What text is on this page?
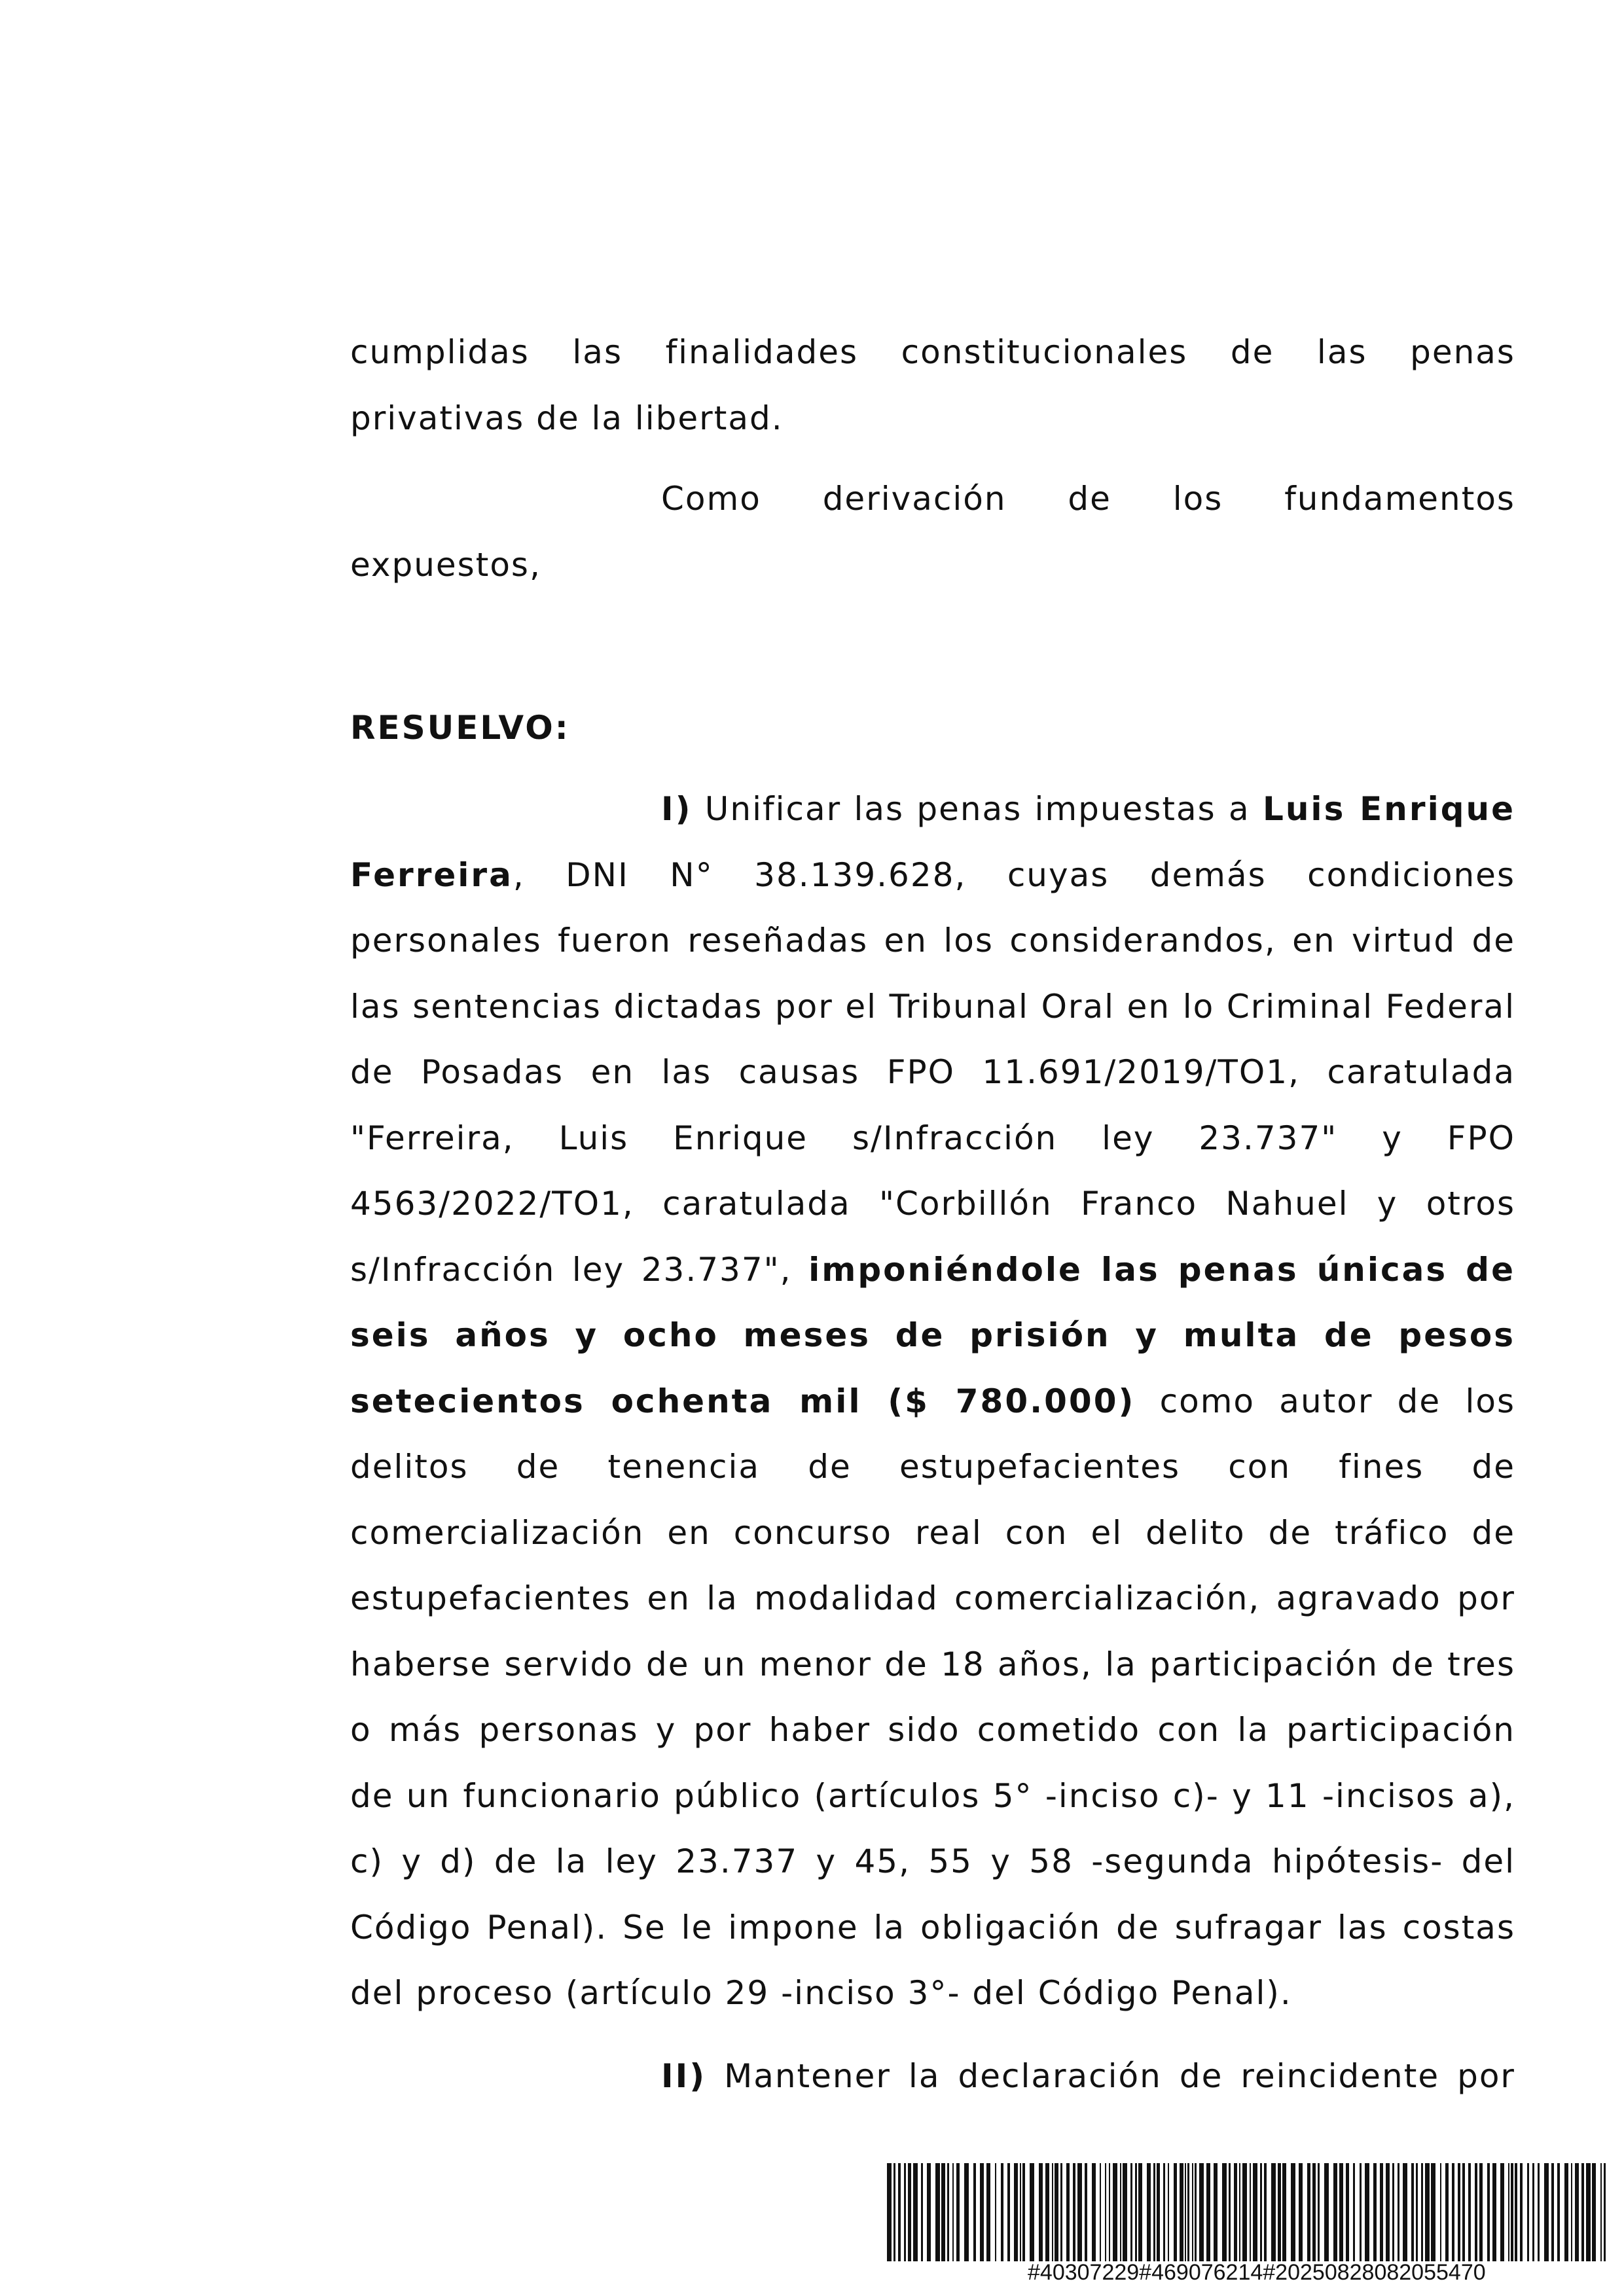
cumplidas las finalidades constitucionales de las penas
privativas de la libertad.
Como derivación de los fundamentos
expuestos,
RESUELVO:
I) Unificar las penas impuestas a Luis Enrique
Ferreira, DNI N° 38.139.628, cuyas demás condiciones personales fueron reseñadas en los considerandos, en virtud de las sentencias dictadas por el Tribunal Oral en lo Criminal Federal de Posadas en las causas FPO 11.691/2019/TO1, caratulada "Ferreira, Luis Enrique s/Infracción ley 23.737" y FPO 4563/2022/TO1, caratulada "Corbillón Franco Nahuel y otros s/Infracción ley 23.737", imponiéndole las penas únicas de seis años y ocho meses de prisión y multa de pesos setecientos ochenta mil ($ 780.000) como autor de los delitos de tenencia de estupefacientes con fines de comercialización en concurso real con el delito de tráfico de estupefacientes en la modalidad comercialización, agravado por haberse servido de un menor de 18 años, la participación de tres o más personas y por haber sido cometido con la participación de un funcionario público (artículos 5° -inciso c)- y 11 -incisos a), c) y d) de la ley 23.737 y 45, 55 y 58 -segunda hipótesis- del Código Penal). Se le impone la obligación de sufragar las costas del proceso (artículo 29 -inciso 3°- del Código Penal).
II) Mantener la declaración de reincidente por
#40307229#469076214#20250828082055470
